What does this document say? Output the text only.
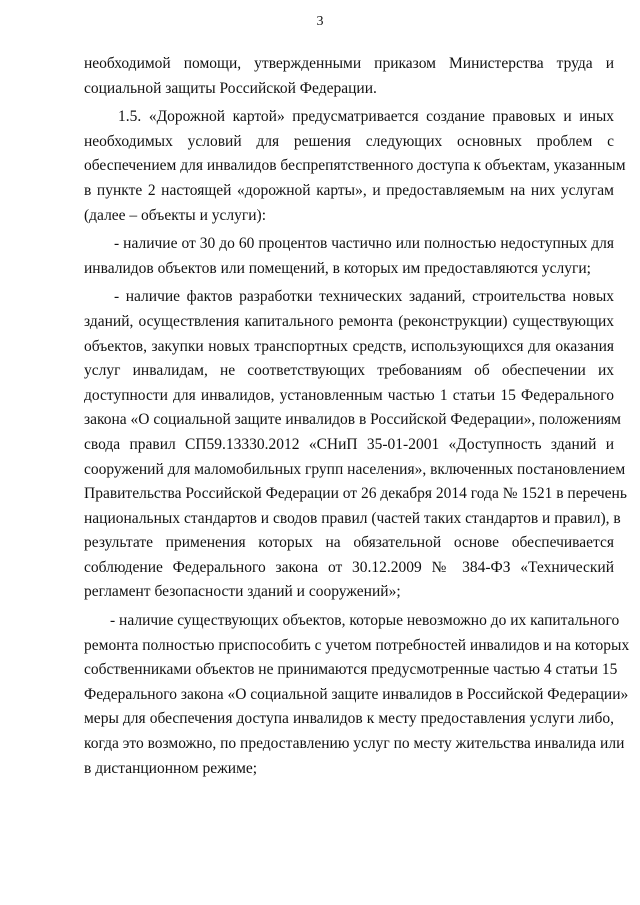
3
необходимой помощи, утвержденными приказом Министерства труда и
социальной защиты Российской Федерации.
1.5. «Дорожной картой» предусматривается создание правовых и иных
необходимых условий для решения следующих основных проблем с
обеспечением для инвалидов беспрепятственного доступа к объектам, указанным
в пункте 2 настоящей «дорожной карты», и предоставляемым на них услугам
(далее – объекты и услуги):
- наличие от 30 до 60 процентов частично или полностью недоступных для
инвалидов объектов или помещений, в которых им предоставляются услуги;
- наличие фактов разработки технических заданий, строительства новых
зданий, осуществления капитального ремонта (реконструкции) существующих
объектов, закупки новых транспортных средств, использующихся для оказания
услуг инвалидам, не соответствующих требованиям об обеспечении их
доступности для инвалидов, установленным частью 1 статьи 15 Федерального
закона «О социальной защите инвалидов в Российской Федерации», положениям
свода правил СП59.13330.2012 «СНиП 35-01-2001 «Доступность зданий и
сооружений для маломобильных групп населения», включенных постановлением
Правительства Российской Федерации от 26 декабря 2014 года № 1521 в перечень
национальных стандартов и сводов правил (частей таких стандартов и правил), в
результате применения которых на обязательной основе обеспечивается
соблюдение Федерального закона от 30.12.2009 № 384-ФЗ «Технический
регламент безопасности зданий и сооружений»;
- наличие существующих объектов, которые невозможно до их капитального
ремонта полностью приспособить с учетом потребностей инвалидов и на которых
собственниками объектов не принимаются предусмотренные частью 4 статьи 15
Федерального закона «О социальной защите инвалидов в Российской Федерации»
меры для обеспечения доступа инвалидов к месту предоставления услуги либо,
когда это возможно, по предоставлению услуг по месту жительства инвалида или
в дистанционном режиме;
